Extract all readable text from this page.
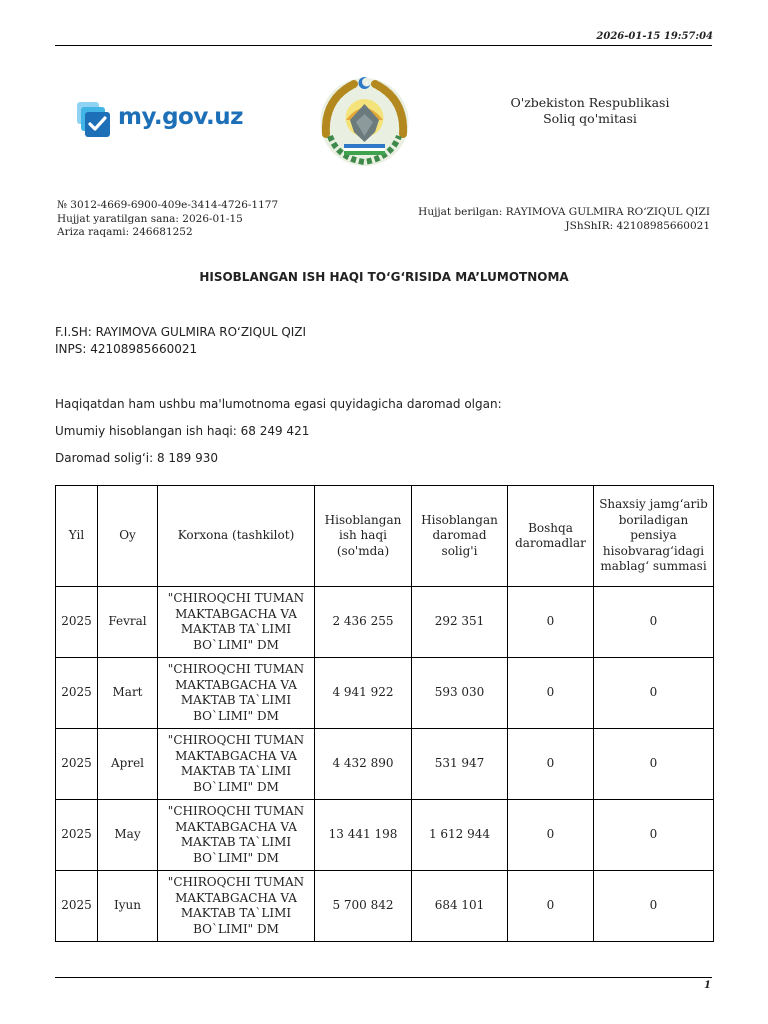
2026-01-15 19:57:04
my.gov.uz
O'zbekiston Respublikasi
Soliq qo'mitasi
№ 3012-4669-6900-409e-3414-4726-1177
Hujjat yaratilgan sana: 2026-01-15
Ariza raqami: 246681252
Hujjat berilgan: RAYIMOVA GULMIRA RO‘ZIQUL QIZI
JShShIR: 42108985660021
HISOBLANGAN ISH HAQI TO‘G‘RISIDA MA’LUMOTNOMA
F.I.SH: RAYIMOVA GULMIRA RO‘ZIQUL QIZI
INPS: 42108985660021
Haqiqatdan ham ushbu ma'lumotnoma egasi quyidagicha daromad olgan:
Umumiy hisoblangan ish haqi: 68 249 421
Daromad solig‘i: 8 189 930
Yil	Oy	Korxona (tashkilot)	Hisoblangan ish haqi (so'mda)	Hisoblangan daromad solig'i	Boshqa daromadlar	Shaxsiy jamg‘arib boriladigan pensiya hisobvarag‘idagi mablag‘ summasi
2025	Fevral	"CHIROQCHI TUMAN MAKTABGACHA VA MAKTAB TA`LIMI BO`LIMI" DM	2 436 255	292 351	0	0
2025	Mart	"CHIROQCHI TUMAN MAKTABGACHA VA MAKTAB TA`LIMI BO`LIMI" DM	4 941 922	593 030	0	0
2025	Aprel	"CHIROQCHI TUMAN MAKTABGACHA VA MAKTAB TA`LIMI BO`LIMI" DM	4 432 890	531 947	0	0
2025	May	"CHIROQCHI TUMAN MAKTABGACHA VA MAKTAB TA`LIMI BO`LIMI" DM	13 441 198	1 612 944	0	0
2025	Iyun	"CHIROQCHI TUMAN MAKTABGACHA VA MAKTAB TA`LIMI BO`LIMI" DM	5 700 842	684 101	0	0
1
